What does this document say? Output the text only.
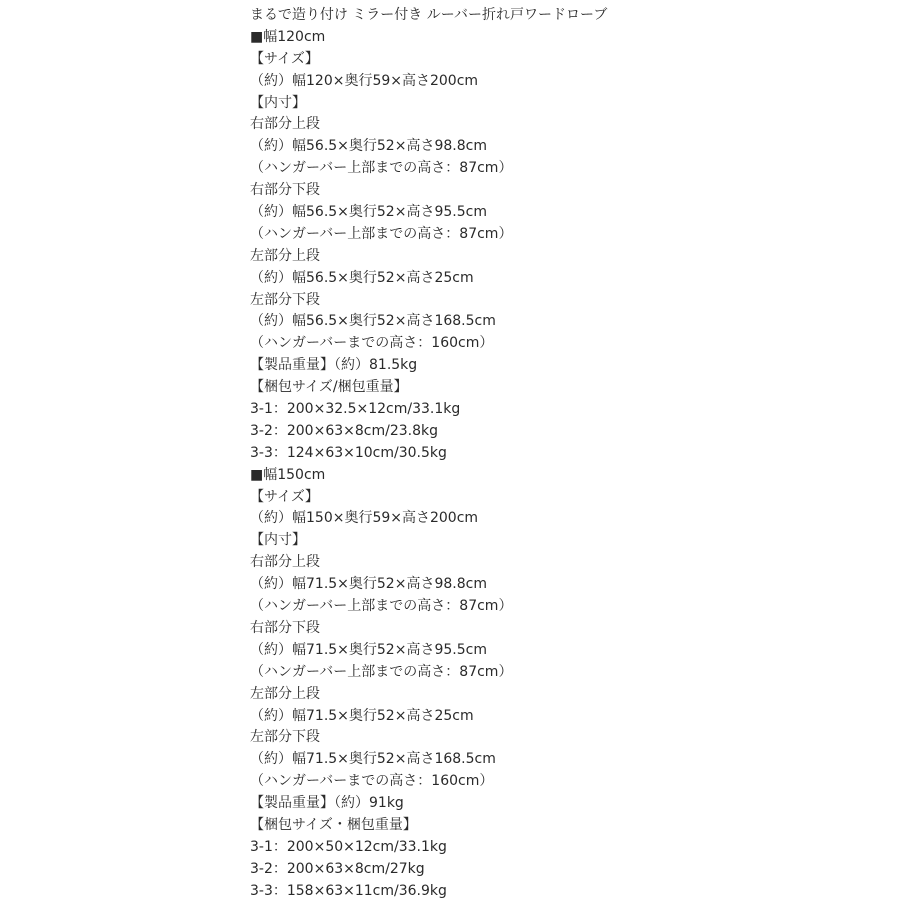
まるで造り付け ミラー付き ルーバー折れ戸ワードローブ
■幅120cm
【サイズ】
（約）幅120×奥行59×高さ200cm
【内寸】
右部分上段
（約）幅56.5×奥行52×高さ98.8cm
（ハンガーバー上部までの高さ：87cm）
右部分下段
（約）幅56.5×奥行52×高さ95.5cm
（ハンガーバー上部までの高さ：87cm）
左部分上段
（約）幅56.5×奥行52×高さ25cm
左部分下段
（約）幅56.5×奥行52×高さ168.5cm
（ハンガーバーまでの高さ：160cm）
【製品重量】（約）81.5kg
【梱包サイズ/梱包重量】
3-1：200×32.5×12cm/33.1kg
3-2：200×63×8cm/23.8kg
3-3：124×63×10cm/30.5kg
■幅150cm
【サイズ】
（約）幅150×奥行59×高さ200cm
【内寸】
右部分上段
（約）幅71.5×奥行52×高さ98.8cm
（ハンガーバー上部までの高さ：87cm）
右部分下段
（約）幅71.5×奥行52×高さ95.5cm
（ハンガーバー上部までの高さ：87cm）
左部分上段
（約）幅71.5×奥行52×高さ25cm
左部分下段
（約）幅71.5×奥行52×高さ168.5cm
（ハンガーバーまでの高さ：160cm）
【製品重量】（約）91kg
【梱包サイズ・梱包重量】
3-1：200×50×12cm/33.1kg
3-2：200×63×8cm/27kg
3-3：158×63×11cm/36.9kg
